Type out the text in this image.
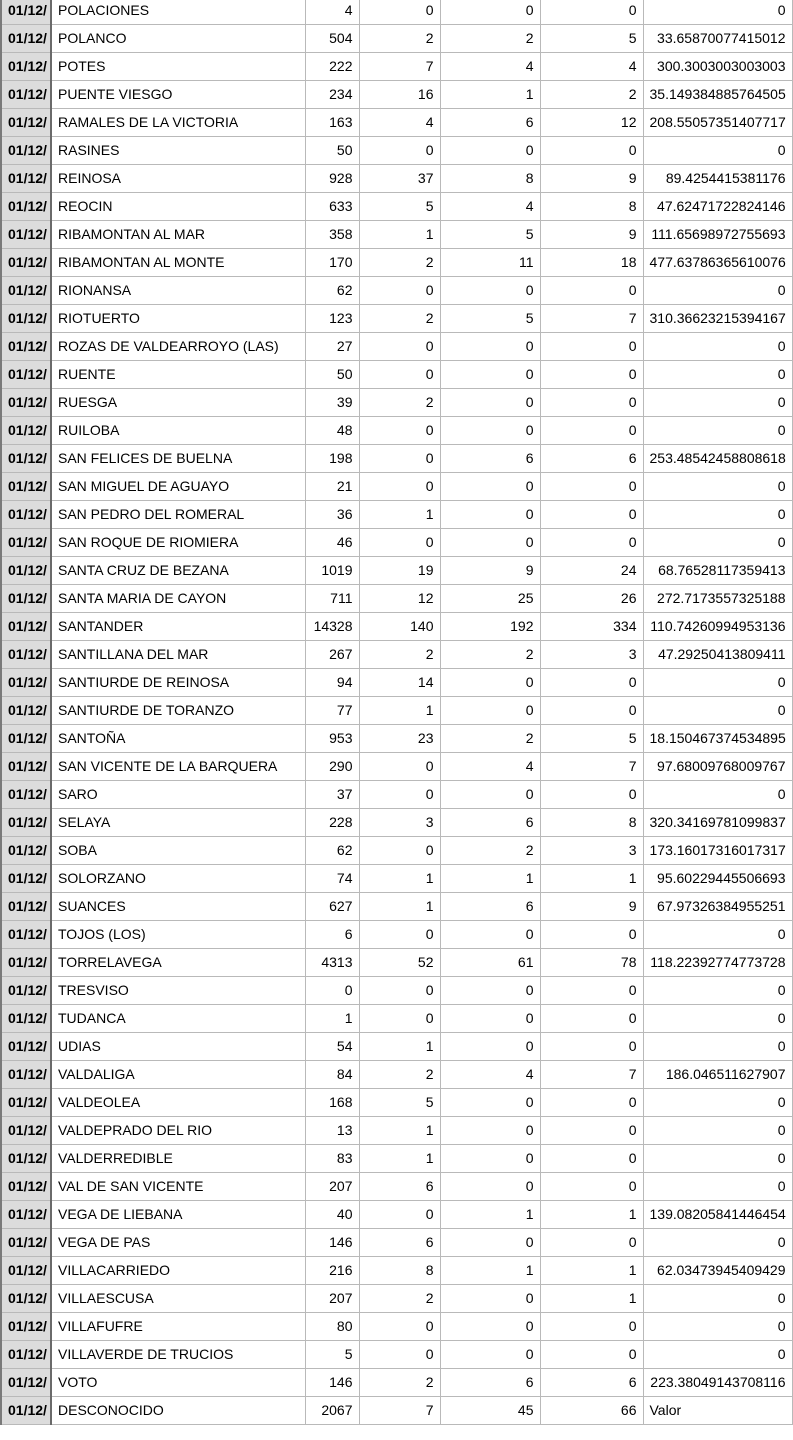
01/12/	POLACIONES	4	0	0	0	0
01/12/	POLANCO	504	2	2	5	33.65870077415012
01/12/	POTES	222	7	4	4	300.3003003003003
01/12/	PUENTE VIESGO	234	16	1	2	35.149384885764505
01/12/	RAMALES DE LA VICTORIA	163	4	6	12	208.55057351407717
01/12/	RASINES	50	0	0	0	0
01/12/	REINOSA	928	37	8	9	89.4254415381176
01/12/	REOCIN	633	5	4	8	47.62471722824146
01/12/	RIBAMONTAN AL MAR	358	1	5	9	111.65698972755693
01/12/	RIBAMONTAN AL MONTE	170	2	11	18	477.63786365610076
01/12/	RIONANSA	62	0	0	0	0
01/12/	RIOTUERTO	123	2	5	7	310.36623215394167
01/12/	ROZAS DE VALDEARROYO (LAS)	27	0	0	0	0
01/12/	RUENTE	50	0	0	0	0
01/12/	RUESGA	39	2	0	0	0
01/12/	RUILOBA	48	0	0	0	0
01/12/	SAN FELICES DE BUELNA	198	0	6	6	253.48542458808618
01/12/	SAN MIGUEL DE AGUAYO	21	0	0	0	0
01/12/	SAN PEDRO DEL ROMERAL	36	1	0	0	0
01/12/	SAN ROQUE DE RIOMIERA	46	0	0	0	0
01/12/	SANTA CRUZ DE BEZANA	1019	19	9	24	68.76528117359413
01/12/	SANTA MARIA DE CAYON	711	12	25	26	272.7173557325188
01/12/	SANTANDER	14328	140	192	334	110.74260994953136
01/12/	SANTILLANA DEL MAR	267	2	2	3	47.29250413809411
01/12/	SANTIURDE DE REINOSA	94	14	0	0	0
01/12/	SANTIURDE DE TORANZO	77	1	0	0	0
01/12/	SANTOÑA	953	23	2	5	18.150467374534895
01/12/	SAN VICENTE DE LA BARQUERA	290	0	4	7	97.68009768009767
01/12/	SARO	37	0	0	0	0
01/12/	SELAYA	228	3	6	8	320.34169781099837
01/12/	SOBA	62	0	2	3	173.16017316017317
01/12/	SOLORZANO	74	1	1	1	95.60229445506693
01/12/	SUANCES	627	1	6	9	67.97326384955251
01/12/	TOJOS (LOS)	6	0	0	0	0
01/12/	TORRELAVEGA	4313	52	61	78	118.22392774773728
01/12/	TRESVISO	0	0	0	0	0
01/12/	TUDANCA	1	0	0	0	0
01/12/	UDIAS	54	1	0	0	0
01/12/	VALDALIGA	84	2	4	7	186.046511627907
01/12/	VALDEOLEA	168	5	0	0	0
01/12/	VALDEPRADO DEL RIO	13	1	0	0	0
01/12/	VALDERREDIBLE	83	1	0	0	0
01/12/	VAL DE SAN VICENTE	207	6	0	0	0
01/12/	VEGA DE LIEBANA	40	0	1	1	139.08205841446454
01/12/	VEGA DE PAS	146	6	0	0	0
01/12/	VILLACARRIEDO	216	8	1	1	62.03473945409429
01/12/	VILLAESCUSA	207	2	0	1	0
01/12/	VILLAFUFRE	80	0	0	0	0
01/12/	VILLAVERDE DE TRUCIOS	5	0	0	0	0
01/12/	VOTO	146	2	6	6	223.38049143708116
01/12/	DESCONOCIDO	2067	7	45	66	Valor
